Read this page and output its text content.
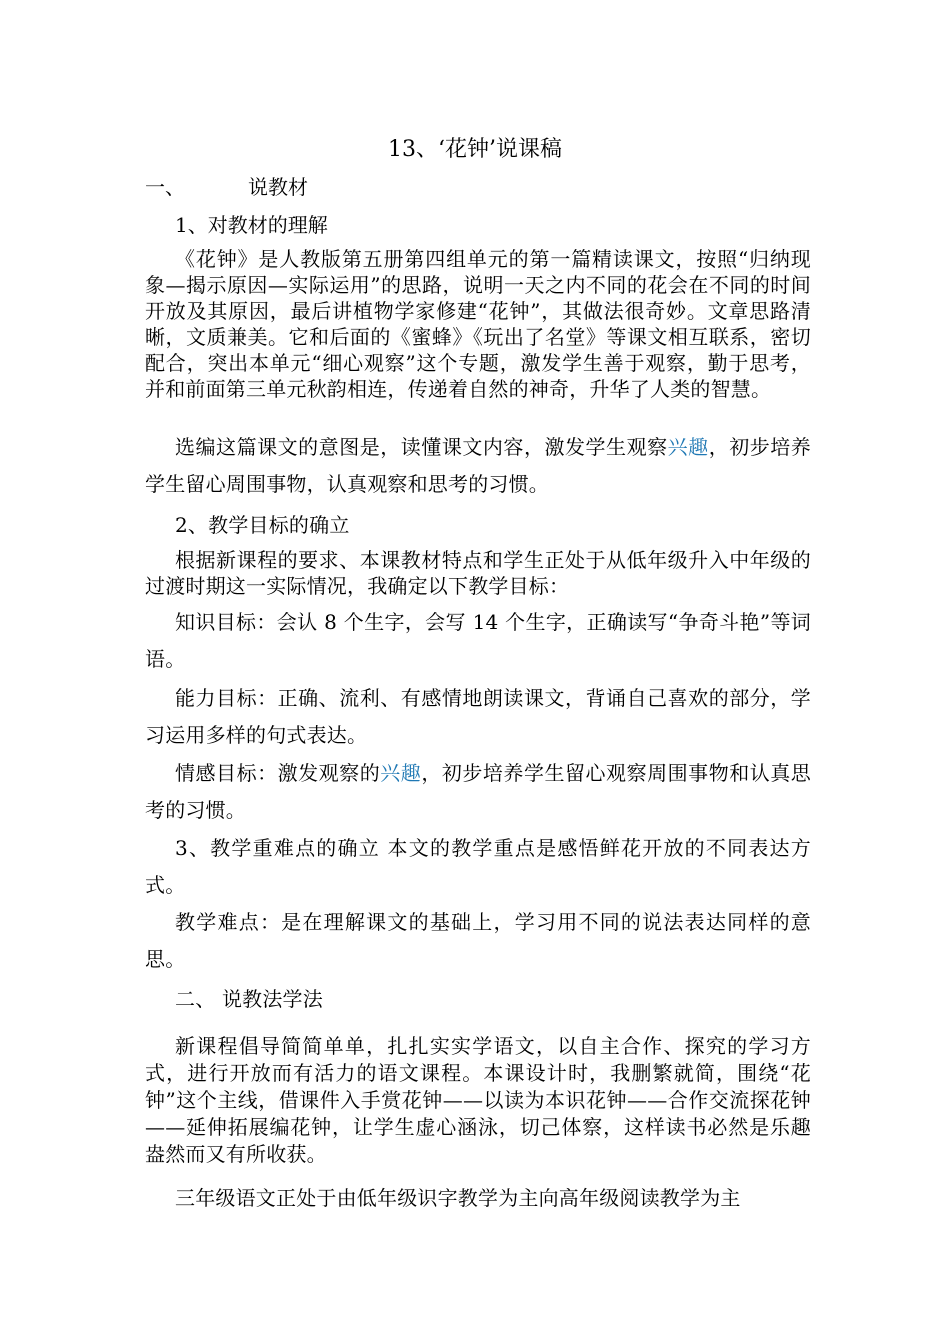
13、‘花钟’说课稿
一、	说教材
1、对教材的理解
《花钟》是人教版第五册第四组单元的第一篇精读课文，按照“归纳现象—揭示原因—实际运用”的思路，说明一天之内不同的花会在不同的时间开放及其原因，最后讲植物学家修建“花钟”，其做法很奇妙。文章思路清晰，文质兼美。它和后面的《蜜蜂》《玩出了名堂》等课文相互联系，密切配合，突出本单元“细心观察”这个专题，激发学生善于观察，勤于思考，并和前面第三单元秋韵相连，传递着自然的神奇，升华了人类的智慧。
选编这篇课文的意图是，读懂课文内容，激发学生观察兴趣，初步培养学生留心周围事物，认真观察和思考的习惯。
2、教学目标的确立
根据新课程的要求、本课教材特点和学生正处于从低年级升入中年级的过渡时期这一实际情况，我确定以下教学目标：
知识目标：会认 8 个生字，会写 14 个生字，正确读写“争奇斗艳”等词语。
能力目标：正确、流利、有感情地朗读课文，背诵自己喜欢的部分，学习运用多样的句式表达。
情感目标：激发观察的兴趣，初步培养学生留心观察周围事物和认真思考的习惯。
3、教学重难点的确立 本文的教学重点是感悟鲜花开放的不同表达方式。
教学难点：是在理解课文的基础上，学习用不同的说法表达同样的意思。
二、 说教法学法
新课程倡导简简单单，扎扎实实学语文，以自主合作、探究的学习方式，进行开放而有活力的语文课程。本课设计时，我删繁就简，围绕“花钟”这个主线，借课件入手赏花钟——以读为本识花钟——合作交流探花钟——延伸拓展编花钟，让学生虚心涵泳，切己体察，这样读书必然是乐趣盎然而又有所收获。
三年级语文正处于由低年级识字教学为主向高年级阅读教学为主
